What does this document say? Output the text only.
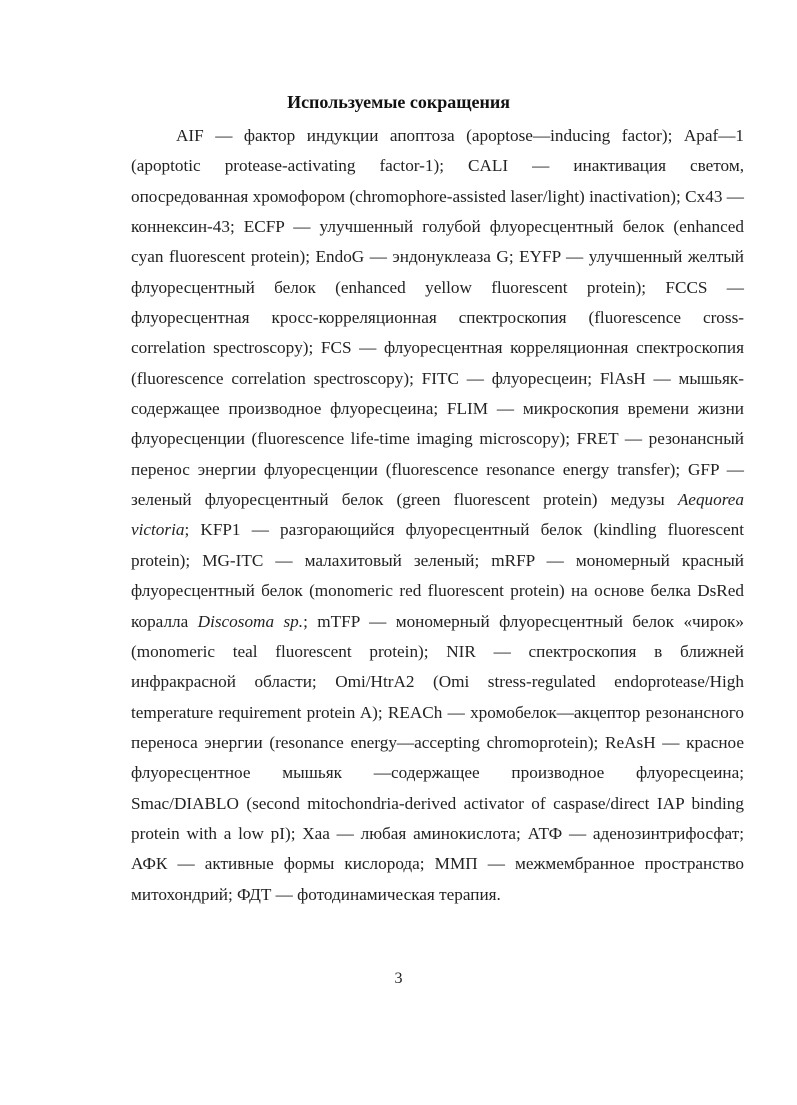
Используемые сокращения

AIF — фактор индукции апоптоза (apoptose—inducing factor); Apaf—1 (apoptotic protease-activating factor-1); CALI — инактивация светом, опосредованная хромофором (chromophore-assisted laser/light) inactivation); Cx43 — коннексин-43; ECFP — улучшенный голубой флуоресцентный белок (enhanced cyan fluorescent protein); EndoG — эндонуклеаза G; EYFP — улучшенный желтый флуоресцентный белок (enhanced yellow fluorescent protein); FCCS — флуоресцентная кросс-корреляционная спектроскопия (fluorescence cross-correlation spectroscopy); FCS — флуоресцентная корреляционная спектроскопия (fluorescence correlation spectroscopy); FITC — флуоресцеин; FlAsH — мышьяк-содержащее производное флуоресцеина; FLIM — микроскопия времени жизни флуоресценции (fluorescence life-time imaging microscopy); FRET — резонансный перенос энергии флуоресценции (fluorescence resonance energy transfer); GFP — зеленый флуоресцентный белок (green fluorescent protein) медузы Aequorea victoria; KFP1 — разгорающийся флуоресцентный белок (kindling fluorescent protein); MG-ITC — малахитовый зеленый; mRFP — мономерный красный флуоресцентный белок (monomeric red fluorescent protein) на основе белка DsRed коралла Discosoma sp.; mTFP — мономерный флуоресцентный белок «чирок» (monomeric teal fluorescent protein); NIR — спектроскопия в ближней инфракрасной области; Omi/HtrA2 (Omi stress-regulated endoprotease/High temperature requirement protein A); REACh — хромобелок—акцептор резонансного переноса энергии (resonance energy—accepting chromoprotein); ReAsH — красное флуоресцентное мышьяк —содержащее производное флуоресцеина; Smac/DIABLO (second mitochondria-derived activator of caspase/direct IAP binding protein with a low pI); Xaa — любая аминокислота; АТФ — аденозинтрифосфат; АФК — активные формы кислорода; ММП — межмембранное пространство митохондрий; ФДТ — фотодинамическая терапия.

3
